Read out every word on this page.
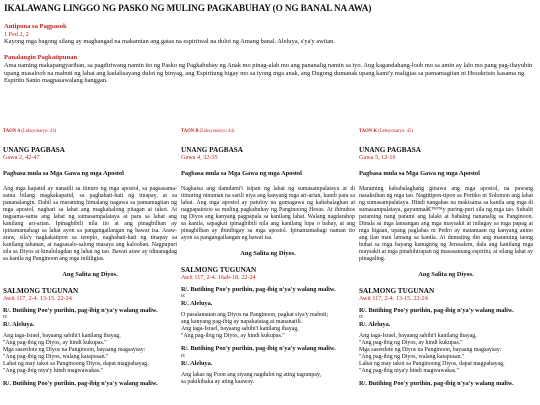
IKALAWANG LINGGO NG PASKO NG MULING PAGKABUHAY (O NG BANAL NA AWA)
Antipona sa Pagpasok
1 Ped 2, 2
Kayong mga bagong silang ay maghangad na makamtan ang gatas na espiritwal na dulot ng Amang banal. Aleluya, s'ya'y awitan.
Panalangin Pagkatipunan
Ama naming makapangyarihan, sa pagdiriwang namin ito ng Pasko ng Pagkabuhay ng Anak mo pinag-alab mo ang pananalig namin sa iyo. Ang kagandahang-loob mo sa amin ay lalo mo pang pag-ibayuhin upang masaloob na mabuti ng lahat ang kadalisayang dulot ng binyag, ang Espiritung bigay mo sa iyong mga anak, ang Dugong dumanak upang kami'y maligtas sa pamamagitan ni Hesukristo kasama ng Espiritu Santo magpasawalang hanggan.
TAON A (Leksyonaryo: 43)
UNANG PAGBASA
Gawa 2, 42-47
Pagbasa mula sa Mga Gawa ng mga Apostol
Ang mga kapatid ay nanatili sa itinuro ng mga apostol, sa pagsasama-sama bilang magkakapatid, sa paghahati-hati ng tinapay, at sa pananalangin. Dahil sa maraming himalang nagawa sa pamamagitan ng mga apostol, naghari sa lahat ang magkahalong pitagan at takot. At nagsama-sama ang lahat ng sumasampalataya at para sa lahat ang kanilang ari-arian. Ipinagbibili nila ito at ang pinagbilhan ay ipinamamahagi sa lahat ayon sa pangangailangan ng bawat isa. Araw-araw, sila'y nagkakatipon sa templo, naghahati-hati ng tinapay sa kanilang tahanan, at nagsasalo-salong masaya ang kalooban. Nagpupuri sila sa Diyos at kinalulugdan ng lahat ng tao. Bawat araw ay idinaragdag sa kanila ng Panginoon ang mga inililigtas.
Ang Salita ng Diyos.
SALMONG TUGUNAN
Awit 117, 2-4. 13-15. 22-24
R/. Butihing Poo'y purihin, pag-ibig n'ya'y walang maliw.
o:
R/. Aleluya.
Ang taga-Israel, bayaang sabihi't kanilang ihayag,
"Ang pag-ibig ng Diyos, ay hindi kukupas."
Mga saserdote ng Diyos na Panginoon, bayaang magsaysay:
"Ang pag-ibig ng Diyos, walang katapusan."
Lahat ng may takot sa Panginoong Diyos, dapat magpahayag,
"Ang pag-ibig niya'y hindi magwawakas."
R/. Butihing Poo'y purihin, pag-ibig n'ya'y walang maliw.
TAON B (Leksyonaryo: 44)
UNANG PAGBASA
Gawa 4, 32-35
Pagbasa mula sa Mga Gawa ng mga Apostol
Nagkaisa ang damdami't isipan ng lahat ng sumasampalataya at di itinuring ninuman na sarili niya ang kanyang mga ari-arian, kundi para sa lahat. Ang mga apostol ay patuloy na gumagawa ng kababalaghan at nagpapatotoo sa muling pagkabuhay ng Panginoong Hesus. At ibinuhos ng Diyos ang kanyang pagpapala sa kanilang lahat. Walang nagdarahop sa kanila, sapagkat ipinagbibili nila ang kanilang lupa o bahay, at ang pinagbilhan ay ibinibigay sa mga apostol. Ipinamamahagi naman ito ayon sa pangangailangan ng bawat isa.
Ang Salita ng Diyos.
SALMONG TUGUNAN
Awit 117, 2-4. 16ab-18. 22-24
R/. Butihing Poo'y purihin, pag-ibig n'ya'y walang maliw.
o:
R/. Aleluya.
O pasalamatan ang Diyos na Panginoon, pagkat siya'y mabuti;
ang kanyang pag-ibig ay napakatatag at mananatili.
Ang taga-Israel, bayaang sabihi't kanilang ihayag,
"Ang pag-ibig ng Diyos, ay hindi kukupas."
R/. Butihing Poo'y purihin, pag-ibig n'ya'y walang maliw.
o:
R/. Aleluya.
Ang lakas ng Poon ang siyang nagdulot ng ating tagumpay,
sa pakikibaka ay ating kaaway.
TAON K (Leksyonaryo: 45)
UNANG PAGBASA
Gawa 5, 12-16
Pagbasa mula sa Mga Gawa ng mga Apostol
Maraming kababalaghang ginawa ang mga apostol, na pawang nasaksihan ng mga tao. Nagtitipon-tipon sa Portiko ni Solomon ang lahat ng sumasampalataya. Hindi nangahas na makisama sa kanila ang mga di sumasampalataya, gayunmaâ€™™y puring-puri sila ng mga tao. Subalit paraming nang parami ang lalaki at babaing nananalig sa Panginoon. Dinala sa mga lansangan ang mga maysakit at inilagay sa mga papag at mga higaan, upang paglabas ni Pedro ay matamaan ng kanyang anino ang ilan man lamang sa kanila. At dumating din ang maraming taong buhat sa mga bayang kanugnog ng Jerusalem, dala ang kanilang mga maysakit at mga pinahihirapan ng masasamang espiritu; at silang lahat ay pinagaling.
Ang Salita ng Diyos.
SALMONG TUGUNAN
Awit 117, 2-4. 13-15. 22-24
R/. Butihing Poo'y purihin, pag-ibig n'ya'y walang maliw.
o:
R/. Aleluya.
Ang taga-Israel, bayaang sabihi't kanilang ihayag,
"Ang pag-ibig ng Diyos, ay hindi kukupas."
Mga saserdote ng Diyos na Panginoon, bayaang magsaysay:
"Ang pag-ibig ng Diyos, walang katapusan."
Lahat ng may takot sa Panginoong Diyos, dapat magpahayag,
"Ang pag-ibig niya'y hindi magwawakas."
R/. Butihing Poo'y purihin, pag-ibig n'ya'y walang maliw.
